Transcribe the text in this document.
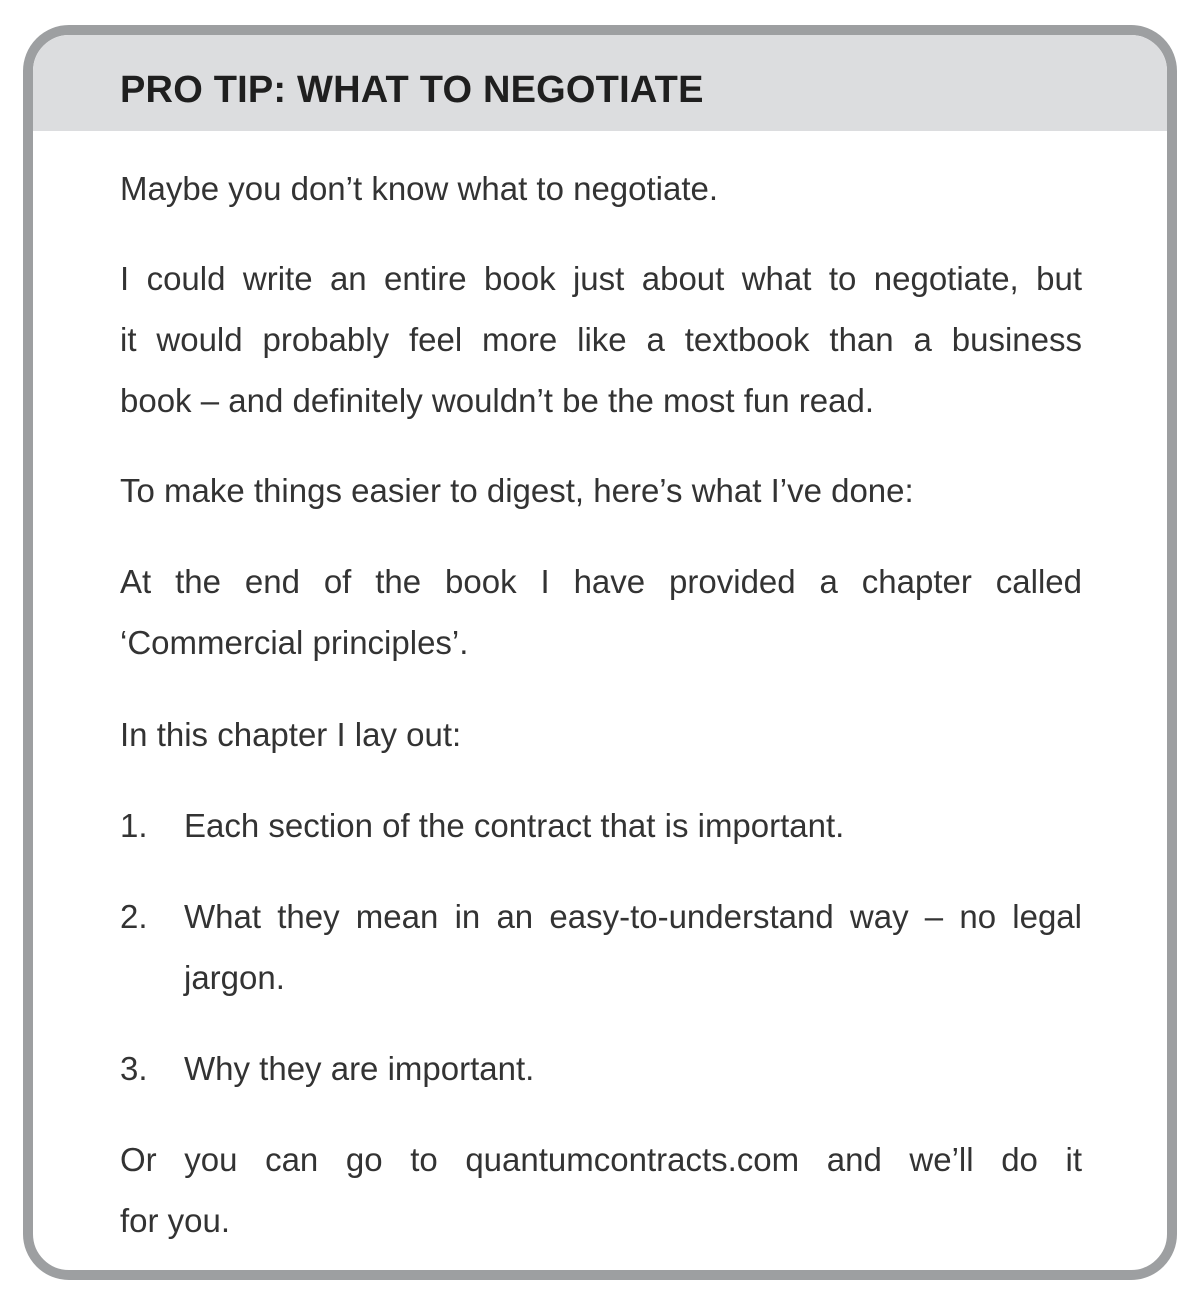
PRO TIP: WHAT TO NEGOTIATE
Maybe you don’t know what to negotiate.
I could write an entire book just about what to negotiate, but
it would probably feel more like a textbook than a business
book – and definitely wouldn’t be the most fun read.
To make things easier to digest, here’s what I’ve done:
At the end of the book I have provided a chapter called
‘Commercial principles’.
In this chapter I lay out:
1. Each section of the contract that is important.
2. What they mean in an easy-to-understand way – no legal
jargon.
3. Why they are important.
Or you can go to quantumcontracts.com and we’ll do it
for you.
